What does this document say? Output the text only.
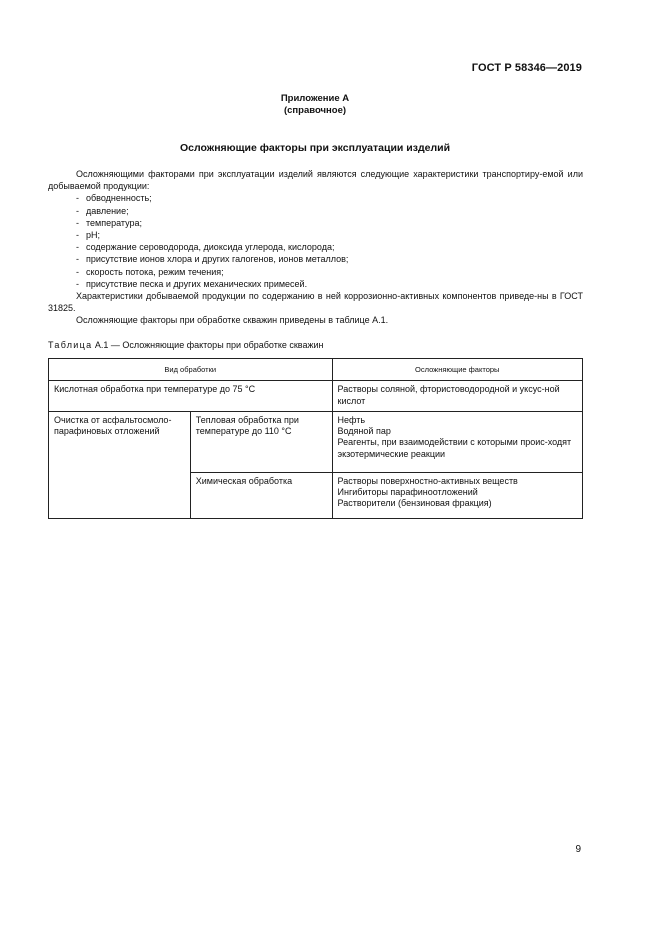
ГОСТ Р 58346—2019
Приложение А
(справочное)
Осложняющие факторы при эксплуатации изделий

Осложняющими факторами при эксплуатации изделий являются следующие характеристики транспортиру-емой или добываемой продукции:

- обводненность;
- давление;
- температура;
- pH;
- содержание сероводорода, диоксида углерода, кислорода;
- присутствие ионов хлора и других галогенов, ионов металлов;
- скорость потока, режим течения;
- присутствие песка и других механических примесей.

Характеристики добываемой продукции по содержанию в ней коррозионно-активных компонентов приведе-ны в ГОСТ 31825.

Осложняющие факторы при обработке скважин приведены в таблице А.1.

Таблица А.1 — Осложняющие факторы при обработке скважин
Вид обработки		Осложняющие факторы
Кислотная обработка при температуре до 75 °С		Растворы соляной, фтористоводородной и уксус-ной кислот
Очистка от асфальтосмоло-парафиновых отложений	Тепловая обработка при температуре до 110 °С	Нефть
Водяной пар
Реагенты, при взаимодействии с которыми проис-ходят экзотермические реакции

	Химическая обработка	Растворы поверхностно-активных веществ
Ингибиторы парафиноотложений
Растворители (бензиновая фракция)
9
